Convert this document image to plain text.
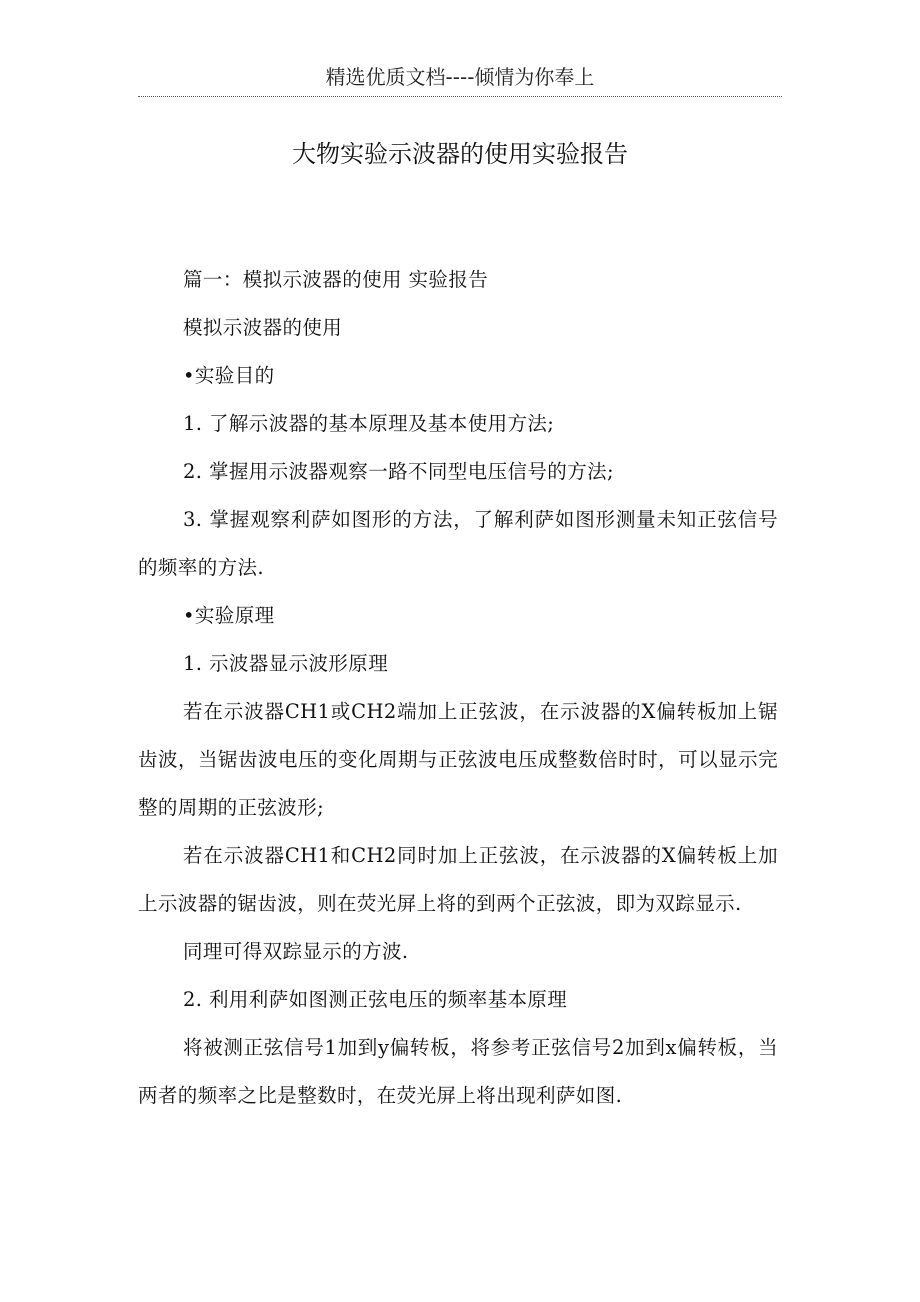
精选优质文档----倾情为你奉上
大物实验示波器的使用实验报告

篇一：模拟示波器的使用 实验报告

模拟示波器的使用

•实验目的

1. 了解示波器的基本原理及基本使用方法;

2. 掌握用示波器观察一路不同型电压信号的方法;

3. 掌握观察利萨如图形的方法，了解利萨如图形测量未知正弦信号的频率的方法.

•实验原理

1. 示波器显示波形原理

若在示波器CH1或CH2端加上正弦波，在示波器的X偏转板加上锯齿波，当锯齿波电压的变化周期与正弦波电压成整数倍时时，可以显示完整的周期的正弦波形;

若在示波器CH1和CH2同时加上正弦波，在示波器的X偏转板上加上示波器的锯齿波，则在荧光屏上将的到两个正弦波，即为双踪显示.

同理可得双踪显示的方波.

2. 利用利萨如图测正弦电压的频率基本原理

将被测正弦信号1加到y偏转板，将参考正弦信号2加到x偏转板，当两者的频率之比是整数时，在荧光屏上将出现利萨如图.
